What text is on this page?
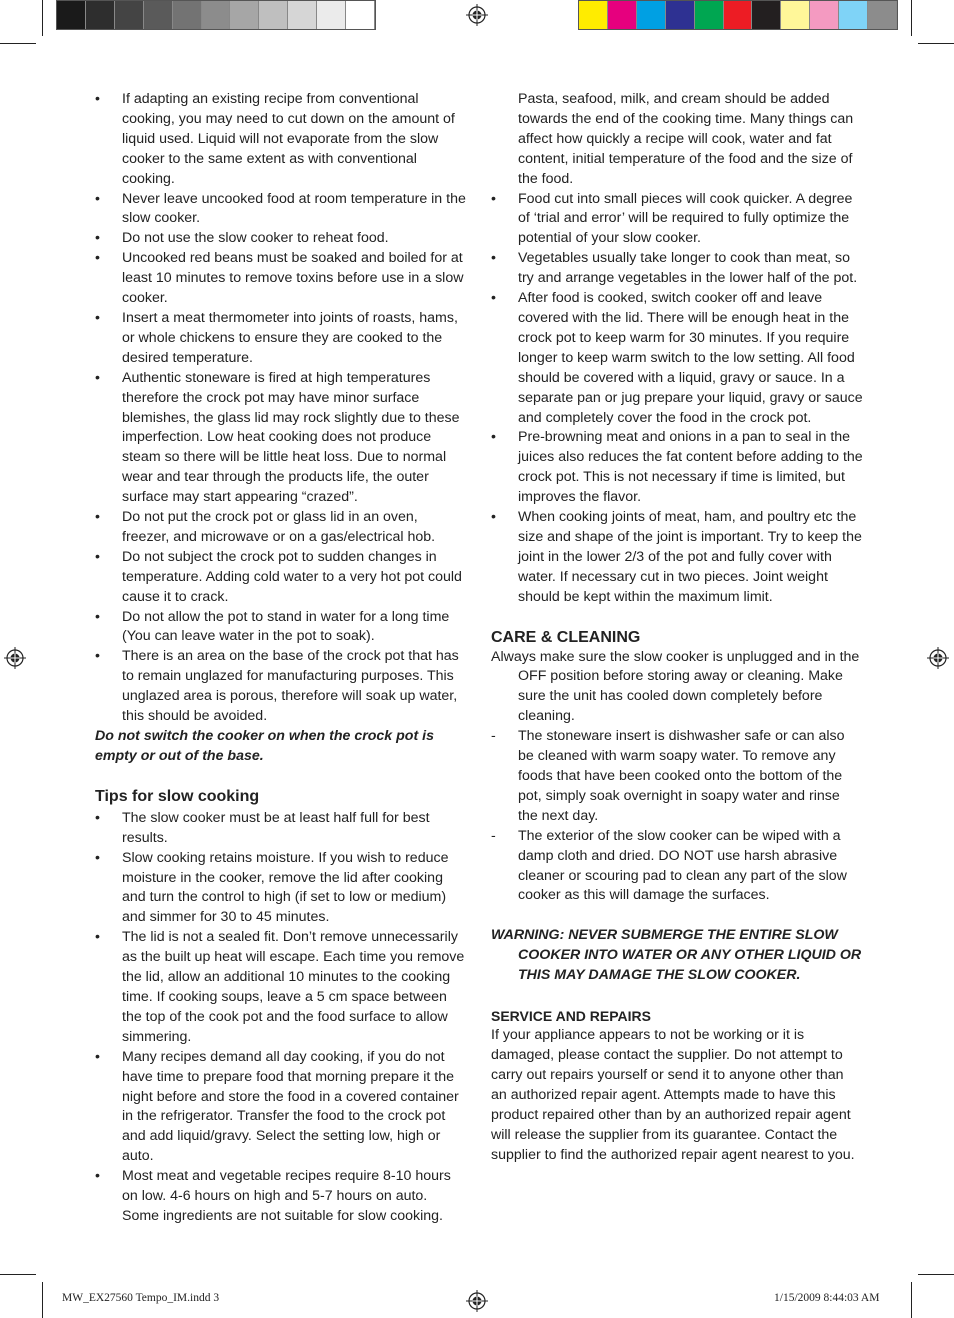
• If adapting an existing recipe from conventional cooking, you may need to cut down on the amount of liquid used. Liquid will not evaporate from the slow cooker to the same extent as with conventional cooking.
• Never leave uncooked food at room temperature in the slow cooker.
• Do not use the slow cooker to reheat food.
• Uncooked red beans must be soaked and boiled for at least 10 minutes to remove toxins before use in a slow cooker.
• Insert a meat thermometer into joints of roasts, hams, or whole chickens to ensure they are cooked to the desired temperature.
• Authentic stoneware is fired at high temperatures therefore the crock pot may have minor surface blemishes, the glass lid may rock slightly due to these imperfection. Low heat cooking does not produce steam so there will be little heat loss. Due to normal wear and tear through the products life, the outer surface may start appearing “crazed”.
• Do not put the crock pot or glass lid in an oven, freezer, and microwave or on a gas/electrical hob.
• Do not subject the crock pot to sudden changes in temperature. Adding cold water to a very hot pot could cause it to crack.
• Do not allow the pot to stand in water for a long time (You can leave water in the pot to soak).
• There is an area on the base of the crock pot that has to remain unglazed for manufacturing purposes. This unglazed area is porous, therefore will soak up water, this should be avoided.

Do not switch the cooker on when the crock pot is empty or out of the base.

Tips for slow cooking
• The slow cooker must be at least half full for best results.
• Slow cooking retains moisture. If you wish to reduce moisture in the cooker, remove the lid after cooking and turn the control to high (if set to low or medium) and simmer for 30 to 45 minutes.
• The lid is not a sealed fit. Don’t remove unnecessarily as the built up heat will escape. Each time you remove the lid, allow an additional 10 minutes to the cooking time. If cooking soups, leave a 5 cm space between the top of the cook pot and the food surface to allow simmering.
• Many recipes demand all day cooking, if you do not have time to prepare food that morning prepare it the night before and store the food in a covered container in the refrigerator. Transfer the food to the crock pot and add liquid/gravy. Select the setting low, high or auto.
• Most meat and vegetable recipes require 8-10 hours on low. 4-6 hours on high and 5-7 hours on auto. Some ingredients are not suitable for slow cooking.

Pasta, seafood, milk, and cream should be added towards the end of the cooking time. Many things can affect how quickly a recipe will cook, water and fat content, initial temperature of the food and the size of the food.

• Food cut into small pieces will cook quicker. A degree of ‘trial and error’ will be required to fully optimize the potential of your slow cooker.
• Vegetables usually take longer to cook than meat, so try and arrange vegetables in the lower half of the pot.
• After food is cooked, switch cooker off and leave covered with the lid. There will be enough heat in the crock pot to keep warm for 30 minutes. If you require longer to keep warm switch to the low setting. All food should be covered with a liquid, gravy or sauce. In a separate pan or jug prepare your liquid, gravy or sauce and completely cover the food in the crock pot.
• Pre-browning meat and onions in a pan to seal in the juices also reduces the fat content before adding to the crock pot. This is not necessary if time is limited, but improves the flavor.
• When cooking joints of meat, ham, and poultry etc the size and shape of the joint is important. Try to keep the joint in the lower 2/3 of the pot and fully cover with water. If necessary cut in two pieces. Joint weight should be kept within the maximum limit.
CARE & CLEANING

Always make sure the slow cooker is unplugged and in the OFF position before storing away or cleaning. Make sure the unit has cooled down completely before cleaning.

- The stoneware insert is dishwasher safe or can also be cleaned with warm soapy water. To remove any foods that have been cooked onto the bottom of the pot, simply soak overnight in soapy water and rinse the next day.
- The exterior of the slow cooker can be wiped with a damp cloth and dried. DO NOT use harsh abrasive cleaner or scouring pad to clean any part of the slow cooker as this will damage the surfaces.

WARNING: NEVER SUBMERGE THE ENTIRE SLOW COOKER INTO WATER OR ANY OTHER LIQUID OR THIS MAY DAMAGE THE SLOW COOKER.

SERVICE AND REPAIRS

If your appliance appears to not be working or it is damaged, please contact the supplier. Do not attempt to carry out repairs yourself or send it to anyone other than an authorized repair agent. Attempts made to have this product repaired other than by an authorized repair agent will release the supplier from its guarantee. Contact the supplier to find the authorized repair agent nearest to you.

MW_EX27560 Tempo_IM.indd 3	1/15/2009 8:44:03 AM
